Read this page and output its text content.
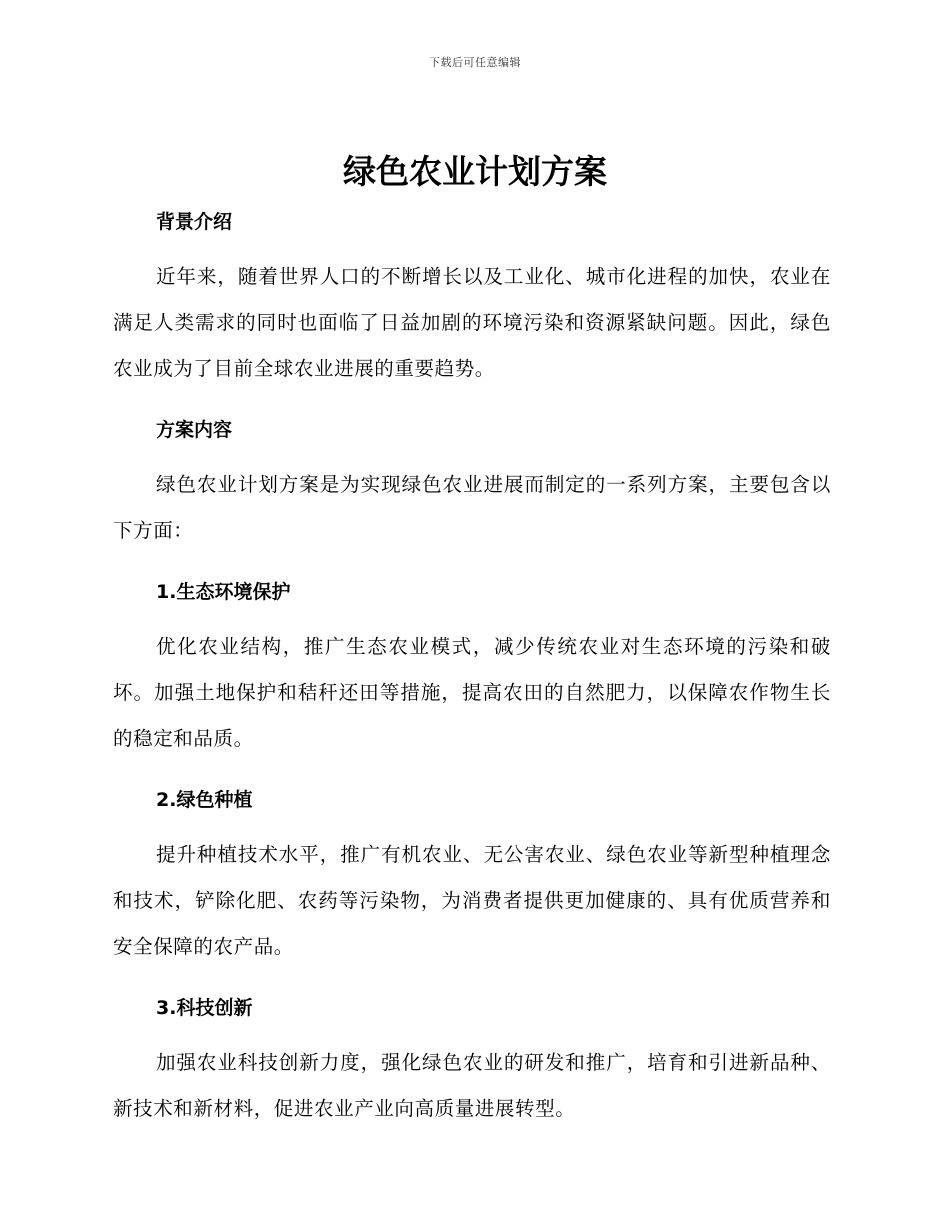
下载后可任意编辑
绿色农业计划方案
背景介绍

近年来，随着世界人口的不断增长以及工业化、城市化进程的加快，农业在满足人类需求的同时也面临了日益加剧的环境污染和资源紧缺问题。因此，绿色农业成为了目前全球农业进展的重要趋势。

方案内容

绿色农业计划方案是为实现绿色农业进展而制定的一系列方案，主要包含以下方面：

1.生态环境保护

优化农业结构，推广生态农业模式，减少传统农业对生态环境的污染和破坏。加强土地保护和秸秆还田等措施，提高农田的自然肥力，以保障农作物生长的稳定和品质。

2.绿色种植

提升种植技术水平，推广有机农业、无公害农业、绿色农业等新型种植理念和技术，铲除化肥、农药等污染物，为消费者提供更加健康的、具有优质营养和安全保障的农产品。

3.科技创新

加强农业科技创新力度，强化绿色农业的研发和推广，培育和引进新品种、新技术和新材料，促进农业产业向高质量进展转型。
